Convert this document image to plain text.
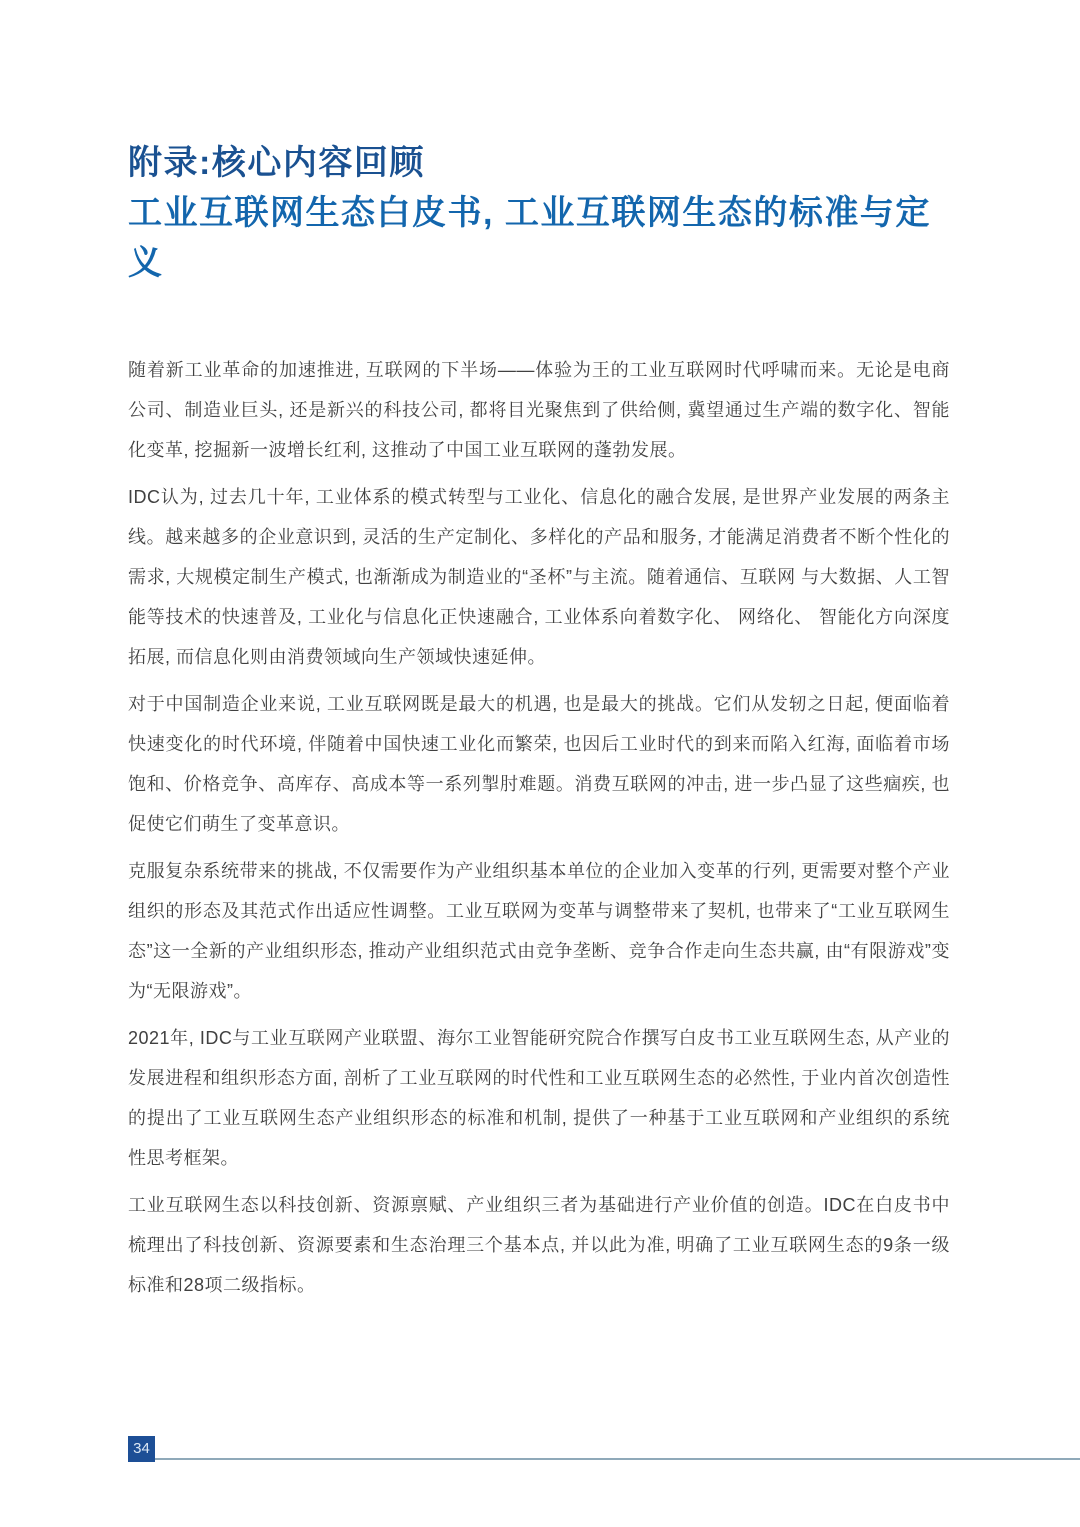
附录:核心内容回顾
工业互联网生态白皮书, 工业互联网生态的标准与定义

随着新工业革命的加速推进, 互联网的下半场——体验为王的工业互联网时代呼啸而来。无论是电商公司、制造业巨头, 还是新兴的科技公司, 都将目光聚焦到了供给侧, 冀望通过生产端的数字化、智能化变革, 挖掘新一波增长红利, 这推动了中国工业互联网的蓬勃发展。

IDC认为, 过去几十年, 工业体系的模式转型与工业化、信息化的融合发展, 是世界产业发展的两条主线。越来越多的企业意识到, 灵活的生产定制化、多样化的产品和服务, 才能满足消费者不断个性化的需求, 大规模定制生产模式, 也渐渐成为制造业的“圣杯”与主流。随着通信、互联网 与大数据、人工智能等技术的快速普及, 工业化与信息化正快速融合, 工业体系向着数字化、 网络化、 智能化方向深度拓展, 而信息化则由消费领域向生产领域快速延伸。

对于中国制造企业来说, 工业互联网既是最大的机遇, 也是最大的挑战。它们从发轫之日起, 便面临着快速变化的时代环境, 伴随着中国快速工业化而繁荣, 也因后工业时代的到来而陷入红海, 面临着市场饱和、价格竞争、高库存、高成本等一系列掣肘难题。消费互联网的冲击, 进一步凸显了这些痼疾, 也促使它们萌生了变革意识。

克服复杂系统带来的挑战, 不仅需要作为产业组织基本单位的企业加入变革的行列, 更需要对整个产业组织的形态及其范式作出适应性调整。工业互联网为变革与调整带来了契机, 也带来了“工业互联网生态”这一全新的产业组织形态, 推动产业组织范式由竞争垄断、竞争合作走向生态共赢, 由“有限游戏”变为“无限游戏”。

2021年, IDC与工业互联网产业联盟、海尔工业智能研究院合作撰写白皮书工业互联网生态, 从产业的发展进程和组织形态方面, 剖析了工业互联网的时代性和工业互联网生态的必然性, 于业内首次创造性的提出了工业互联网生态产业组织形态的标准和机制, 提供了一种基于工业互联网和产业组织的系统性思考框架。

工业互联网生态以科技创新、资源禀赋、产业组织三者为基础进行产业价值的创造。IDC在白皮书中梳理出了科技创新、资源要素和生态治理三个基本点, 并以此为准, 明确了工业互联网生态的9条一级标准和28项二级指标。

34
